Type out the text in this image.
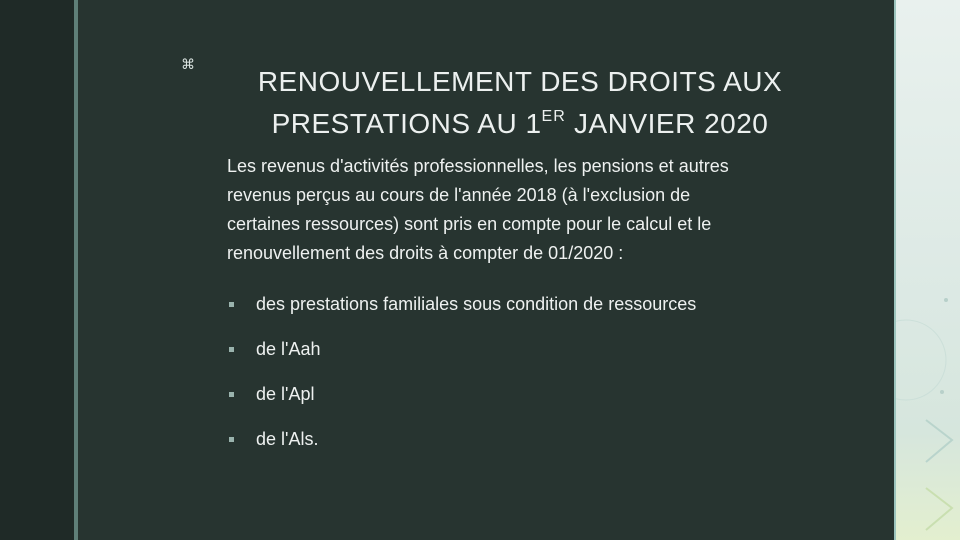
⌘
RENOUVELLEMENT DES DROITS AUX
PRESTATIONS AU 1ER JANVIER 2020

Les revenus d'activités professionnelles, les pensions et autres
revenus perçus au cours de l'année 2018 (à l'exclusion de
certaines ressources) sont pris en compte pour le calcul et le
renouvellement des droits à compter de 01/2020 :

des prestations familiales sous condition de ressources
de l'Aah
de l'Apl
de l'Als.
